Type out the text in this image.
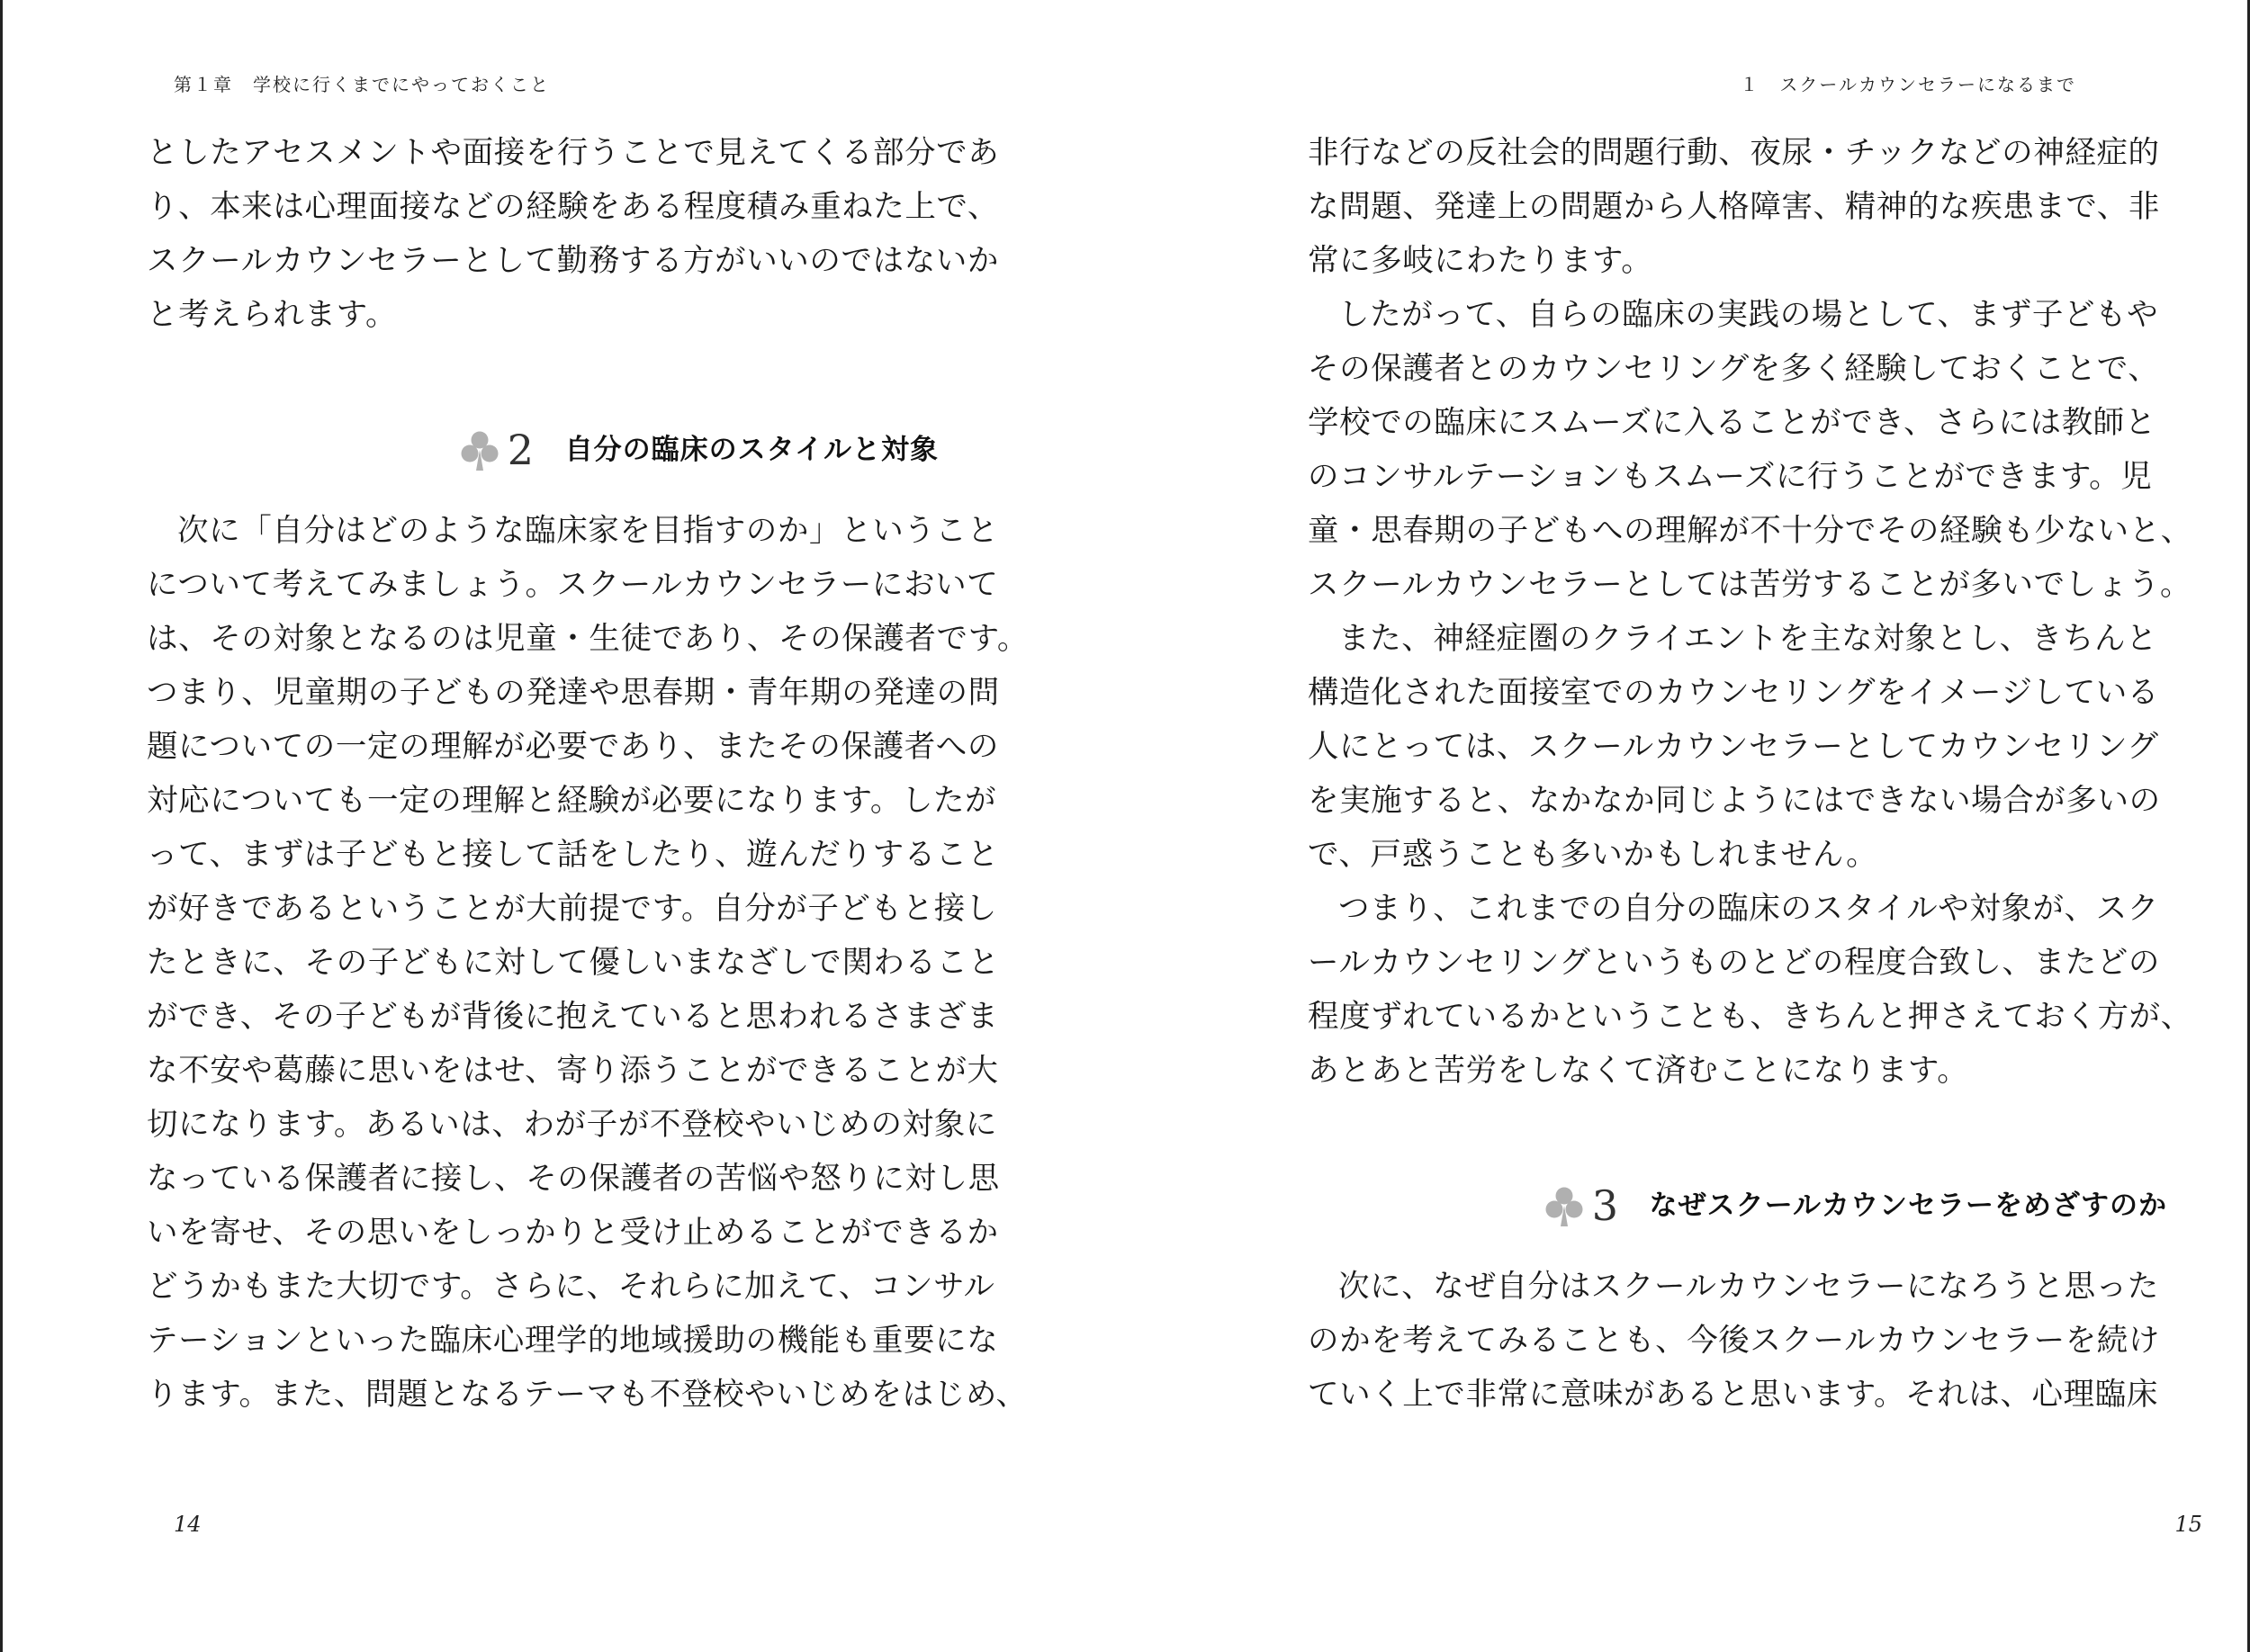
第１章　学校に行くまでにやっておくこと
としたアセスメントや面接を行うことで見えてくる部分であ
り、本来は心理面接などの経験をある程度積み重ねた上で、
スクールカウンセラーとして勤務する方がいいのではないか
と考えられます。
2 自分の臨床のスタイルと対象
次に「自分はどのような臨床家を目指すのか」ということ
について考えてみましょう。スクールカウンセラーにおいて
は、その対象となるのは児童・生徒であり、その保護者です。
つまり、児童期の子どもの発達や思春期・青年期の発達の問
題についての一定の理解が必要であり、またその保護者への
対応についても一定の理解と経験が必要になります。したが
って、まずは子どもと接して話をしたり、遊んだりすること
が好きであるということが大前提です。自分が子どもと接し
たときに、その子どもに対して優しいまなざしで関わること
ができ、その子どもが背後に抱えていると思われるさまざま
な不安や葛藤に思いをはせ、寄り添うことができることが大
切になります。あるいは、わが子が不登校やいじめの対象に
なっている保護者に接し、その保護者の苦悩や怒りに対し思
いを寄せ、その思いをしっかりと受け止めることができるか
どうかもまた大切です。さらに、それらに加えて、コンサル
テーションといった臨床心理学的地域援助の機能も重要にな
ります。また、問題となるテーマも不登校やいじめをはじめ、
14
１　スクールカウンセラーになるまで
非行などの反社会的問題行動、夜尿・チックなどの神経症的
な問題、発達上の問題から人格障害、精神的な疾患まで、非
常に多岐にわたります。
したがって、自らの臨床の実践の場として、まず子どもや
その保護者とのカウンセリングを多く経験しておくことで、
学校での臨床にスムーズに入ることができ、さらには教師と
のコンサルテーションもスムーズに行うことができます。児
童・思春期の子どもへの理解が不十分でその経験も少ないと、
スクールカウンセラーとしては苦労することが多いでしょう。
また、神経症圏のクライエントを主な対象とし、きちんと
構造化された面接室でのカウンセリングをイメージしている
人にとっては、スクールカウンセラーとしてカウンセリング
を実施すると、なかなか同じようにはできない場合が多いの
で、戸惑うことも多いかもしれません。
つまり、これまでの自分の臨床のスタイルや対象が、スク
ールカウンセリングというものとどの程度合致し、またどの
程度ずれているかということも、きちんと押さえておく方が、
あとあと苦労をしなくて済むことになります。
3 なぜスクールカウンセラーをめざすのか
次に、なぜ自分はスクールカウンセラーになろうと思った
のかを考えてみることも、今後スクールカウンセラーを続け
ていく上で非常に意味があると思います。それは、心理臨床
15
